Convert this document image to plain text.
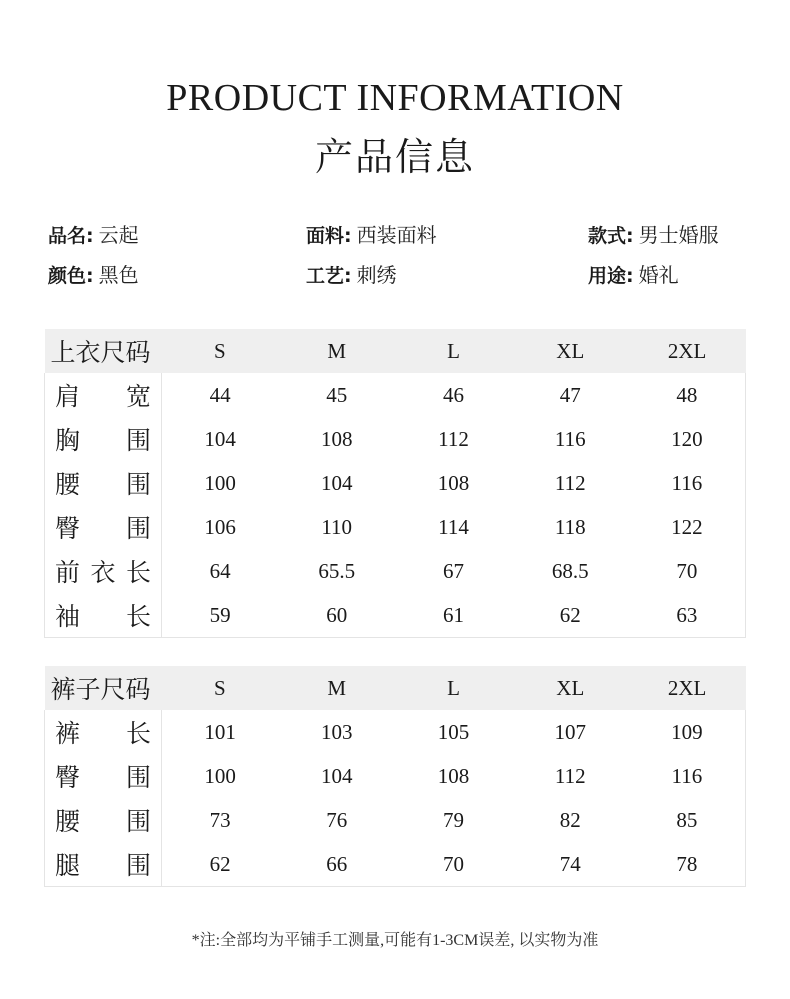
PRODUCT INFORMATION
产品信息
品名: 云起	面料: 西装面料	款式: 男士婚服
颜色: 黑色	工艺: 刺绣	用途: 婚礼
上衣尺码	S	M	L	XL	2XL

肩宽	44	45	46	47	48

胸围	104	108	112	116	120

腰围	100	104	108	112	116

臀围	106	110	114	118	122

前衣长	64	65.5	67	68.5	70

袖长	59	60	61	62	63
裤子尺码	S	M	L	XL	2XL

裤长	101	103	105	107	109

臀围	100	104	108	112	116

腰围	73	76	79	82	85

腿围	62	66	70	74	78
*注:全部均为平铺手工测量,可能有1-3CM误差, 以实物为准
